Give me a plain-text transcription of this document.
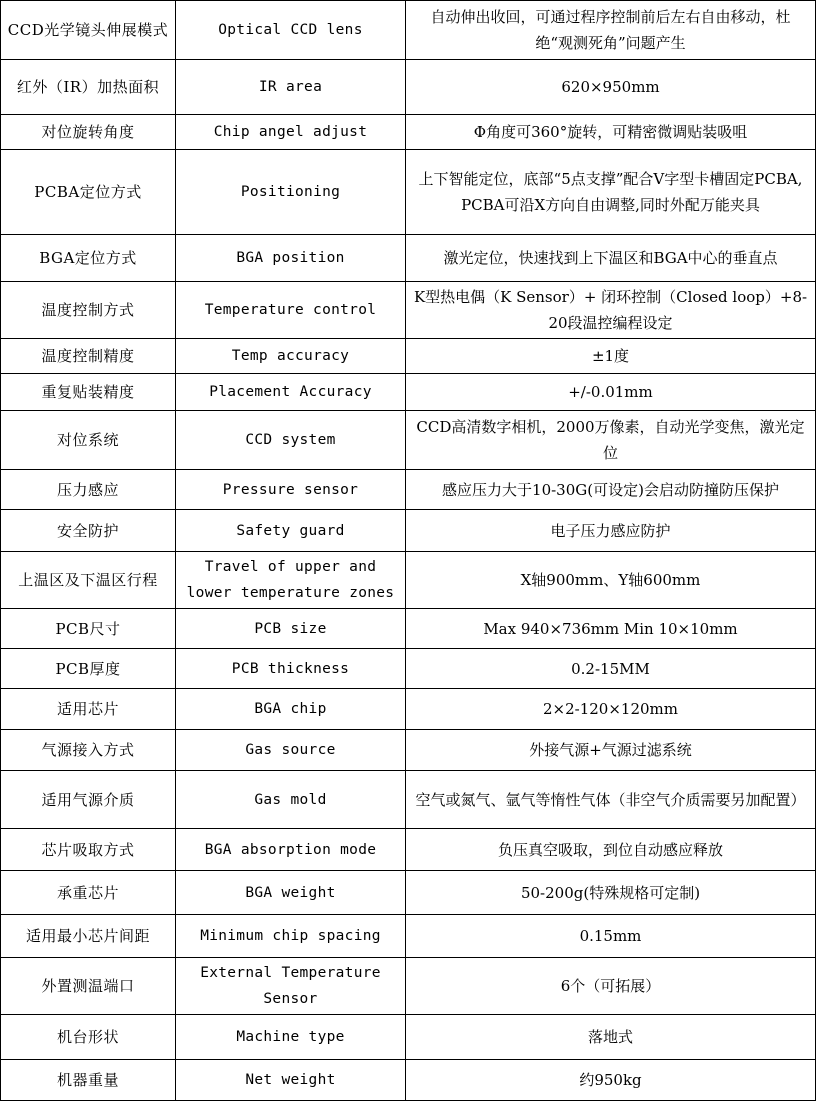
CCD光学镜头伸展模式	Optical CCD lens	自动伸出收回，可通过程序控制前后左右自由移动，杜绝“观测死角”问题产生
红外（IR）加热面积	IR area	620×950mm
对位旋转角度	Chip angel adjust	Φ角度可360°旋转，可精密微调贴装吸咀
PCBA定位方式	Positioning	上下智能定位，底部“5点支撑”配合V字型卡槽固定PCBA, PCBA可沿X方向自由调整,同时外配万能夹具
BGA定位方式	BGA position	激光定位，快速找到上下温区和BGA中心的垂直点
温度控制方式	Temperature control	K型热电偶（K Sensor）+ 闭环控制（Closed loop）+8-20段温控编程设定
温度控制精度	Temp accuracy	±1度
重复贴装精度	Placement Accuracy	+/-0.01mm
对位系统	CCD system	CCD高清数字相机，2000万像素，自动光学变焦，激光定位
压力感应	Pressure sensor	感应压力大于10-30G(可设定)会启动防撞防压保护
安全防护	Safety guard	电子压力感应防护
上温区及下温区行程	Travel of upper and lower temperature zones	X轴900mm、Y轴600mm
PCB尺寸	PCB size	Max 940×736mm Min 10×10mm
PCB厚度	PCB thickness	0.2-15MM
适用芯片	BGA chip	2×2-120×120mm
气源接入方式	Gas source	外接气源+气源过滤系统
适用气源介质	Gas mold	空气或氮气、氩气等惰性气体（非空气介质需要另加配置）
芯片吸取方式	BGA absorption mode	负压真空吸取，到位自动感应释放
承重芯片	BGA weight	50-200g(特殊规格可定制)
适用最小芯片间距	Minimum chip spacing	0.15mm
外置测温端口	External Temperature Sensor	6个（可拓展）
机台形状	Machine type	落地式
机器重量	Net weight	约950kg
